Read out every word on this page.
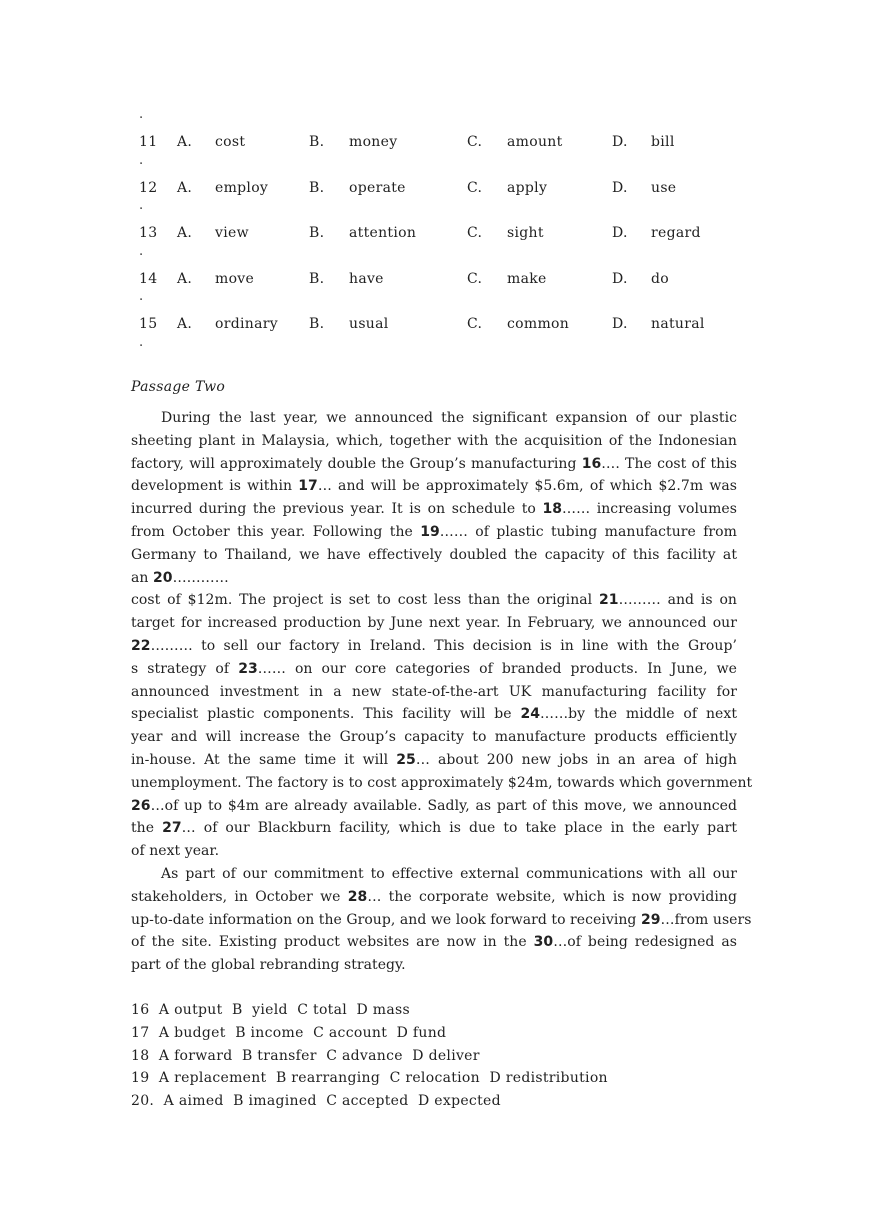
.
11 A. cost	B. money	C. amount	D. bill
.
12 A. employ	B. operate	C. apply	D. use
.
13 A. view	B. attention	C. sight	D. regard
.
14 A. move	B. have	C. make	D. do
.
15 A. ordinary B. usual	C. common	D. natural
.
Passage Two
During the last year, we announced the significant expansion of our plastic
sheeting plant in Malaysia, which, together with the acquisition of the Indonesian
factory, will approximately double the Group’s manufacturing 16…. The cost of this
development is within 17… and will be approximately $5.6m, of which $2.7m was
incurred during the previous year. It is on schedule to 18…… increasing volumes
from October this year. Following the 19…… of plastic tubing manufacture from
Germany to Thailand, we have effectively doubled the capacity of this facility at
an 20…………
cost of $12m. The project is set to cost less than the original 21……… and is on
target for increased production by June next year. In February, we announced our
22……… to sell our factory in Ireland. This decision is in line with the Group’
s strategy of 23…… on our core categories of branded products. In June, we
announced investment in a new state-of-the-art UK manufacturing facility for
specialist plastic components. This facility will be 24……by the middle of next
year and will increase the Group’s capacity to manufacture products efficiently
in-house. At the same time it will 25… about 200 new jobs in an area of high
unemployment. The factory is to cost approximately $24m, towards which government
26…of up to $4m are already available. Sadly, as part of this move, we announced
the 27… of our Blackburn facility, which is due to take place in the early part
of next year.
As part of our commitment to effective external communications with all our
stakeholders, in October we 28… the corporate website, which is now providing
up-to-date information on the Group, and we look forward to receiving 29…from users
of the site. Existing product websites are now in the 30…of being redesigned as
part of the global rebranding strategy.
16  A output  B  yield  C total  D mass
17  A budget  B income  C account  D fund
18  A forward  B transfer  C advance  D deliver
19  A replacement  B rearranging  C relocation  D redistribution
20.  A aimed  B imagined  C accepted  D expected
